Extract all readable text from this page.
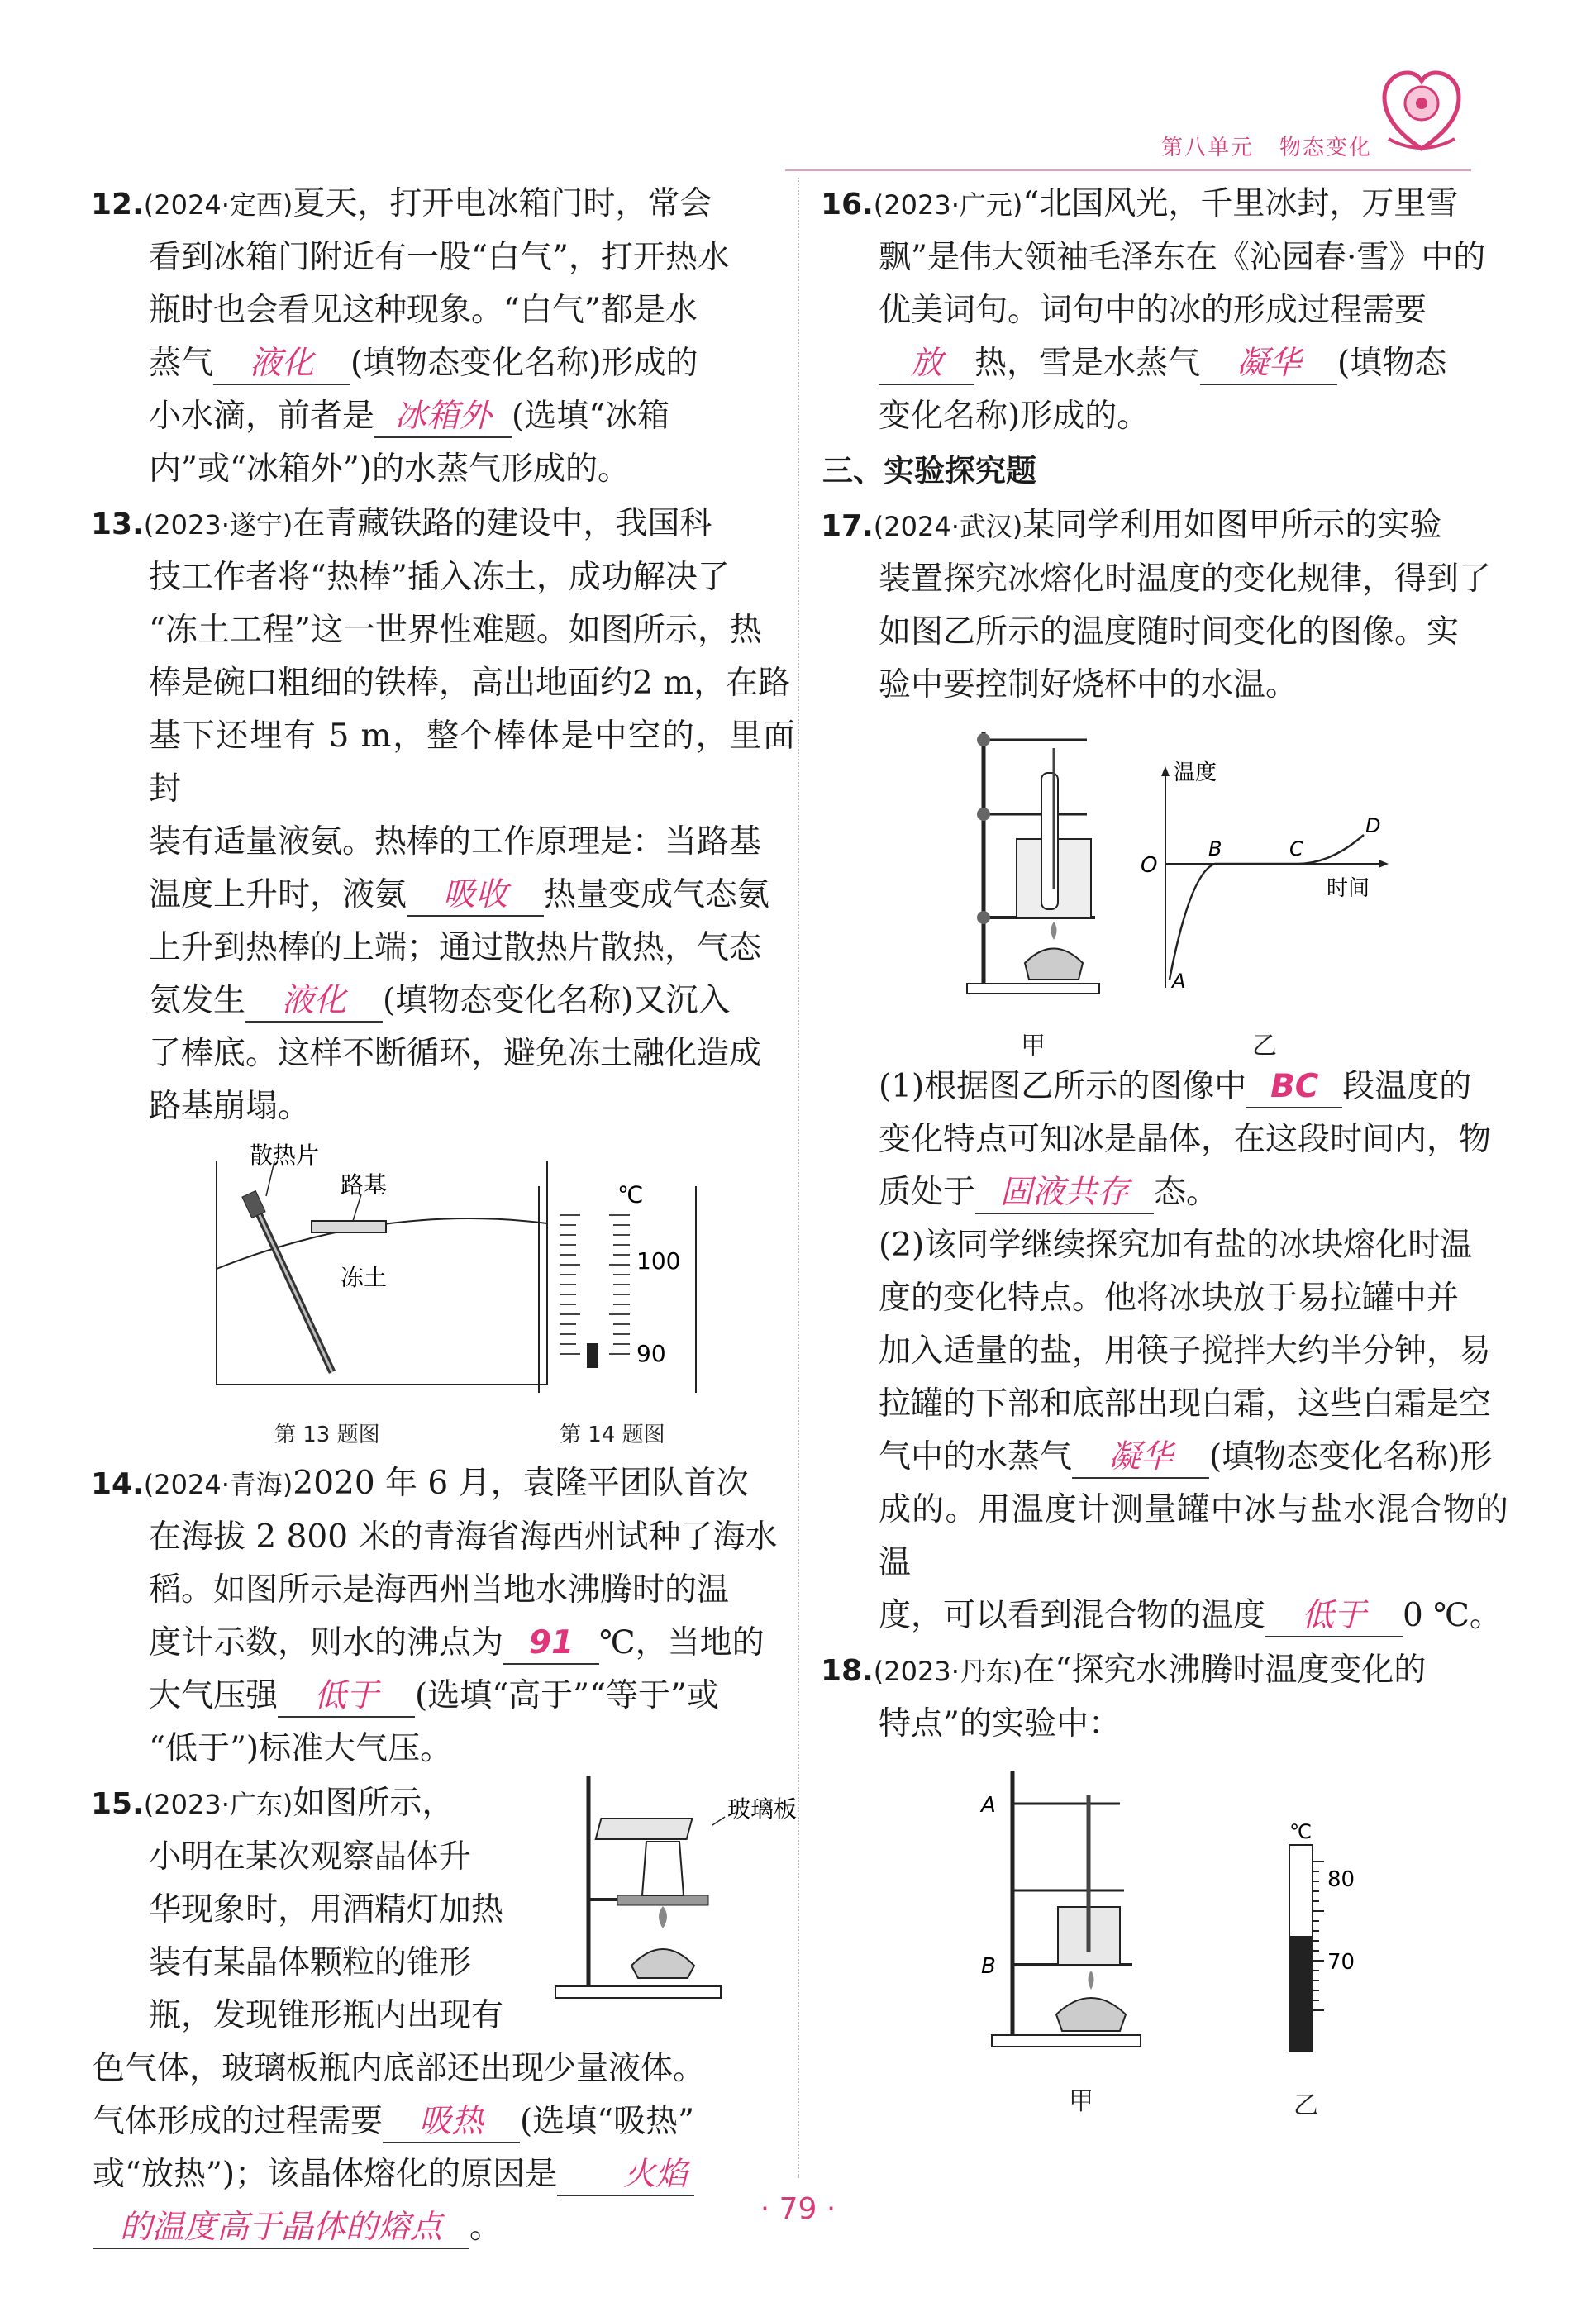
第八单元 物态变化

12.(2024·定西)夏天，打开电冰箱门时，常会

看到冰箱门附近有一股“白气”，打开热水

瓶时也会看见这种现象。“白气”都是水

蒸气 液化 (填物态变化名称)形成的

小水滴，前者是 冰箱外 (选填“冰箱

内”或“冰箱外”)的水蒸气形成的。

13.(2023·遂宁)在青藏铁路的建设中，我国科

技工作者将“热棒”插入冻土，成功解决了

“冻土工程”这一世界性难题。如图所示，热

棒是碗口粗细的铁棒，高出地面约2 m，在路

基下还埋有 5 m，整个棒体是中空的，里面封

装有适量液氨。热棒的工作原理是：当路基

温度上升时，液氨 吸收 热量变成气态氨

上升到热棒的上端；通过散热片散热，气态

氨发生 液化 (填物态变化名称)又沉入

了棒底。这样不断循环，避免冻土融化造成

路基崩塌。

散热片
路基
冻土
℃
100
90
第 13 题图	第 14 题图

14.(2024·青海)2020 年 6 月，袁隆平团队首次

在海拔 2 800 米的青海省海西州试种了海水

稻。如图所示是海西州当地水沸腾时的温

度计示数，则水的沸点为 91 ℃，当地的

大气压强 低于 (选填“高于”“等于”或

“低于”)标准大气压。

15.(2023·广东)如图所示，

小明在某次观察晶体升

华现象时，用酒精灯加热

装有某晶体颗粒的锥形

瓶，发现锥形瓶内出现有

玻璃板

色气体，玻璃板瓶内底部还出现少量液体。

气体形成的过程需要 吸热 (选填“吸热”

或“放热”)；该晶体熔化的原因是 火焰

的温度高于晶体的熔点 。

16.(2023·广元)“北国风光，千里冰封，万里雪

飘”是伟大领袖毛泽东在《沁园春·雪》中的

优美词句。词句中的冰的形成过程需要

放 热，雪是水蒸气 凝华 (填物态

变化名称)形成的。

三、实验探究题

17.(2024·武汉)某同学利用如图甲所示的实验

装置探究冰熔化时温度的变化规律，得到了

如图乙所示的温度随时间变化的图像。实

验中要控制好烧杯中的水温。

温度
时间
O
A
B	C
D
甲	乙

(1)根据图乙所示的图像中 BC 段温度的

变化特点可知冰是晶体，在这段时间内，物

质处于 固液共存 态。

(2)该同学继续探究加有盐的冰块熔化时温

度的变化特点。他将冰块放于易拉罐中并

加入适量的盐，用筷子搅拌大约半分钟，易

拉罐的下部和底部出现白霜，这些白霜是空

气中的水蒸气 凝华 (填物态变化名称)形

成的。用温度计测量罐中冰与盐水混合物的温

度，可以看到混合物的温度 低于 0 ℃。

18.(2023·丹东)在“探究水沸腾时温度变化的

特点”的实验中：

A
B
℃
80
70
甲	乙
· 79 ·
